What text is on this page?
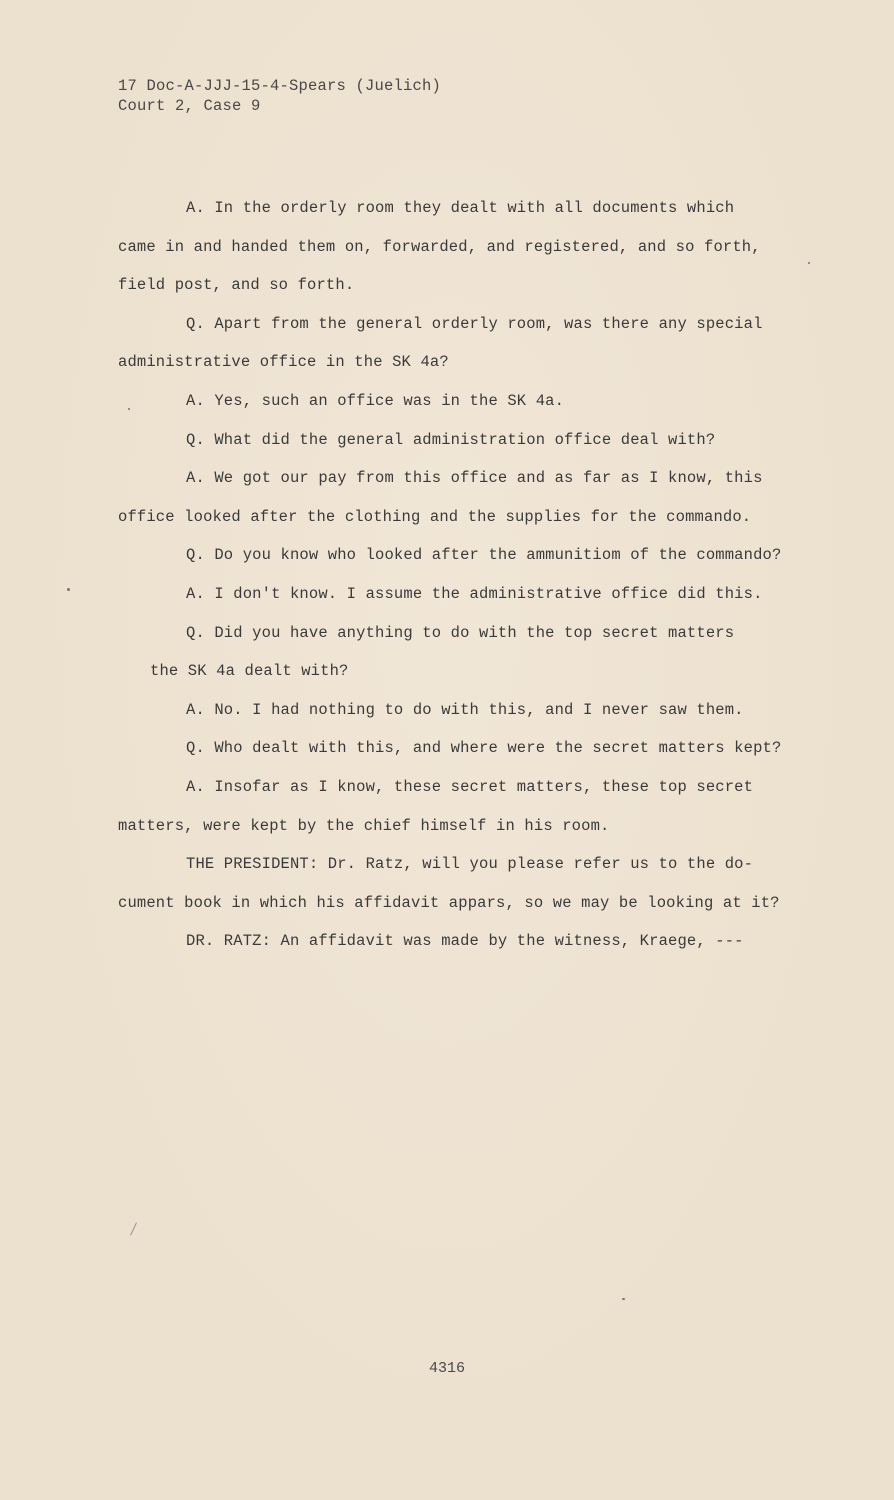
17 Doc-A-JJJ-15-4-Spears (Juelich)
Court 2, Case 9
A. In the orderly room they dealt with all documents which
came in and handed them on, forwarded, and registered, and so forth,
field post, and so forth.
Q. Apart from the general orderly room, was there any special
administrative office in the SK 4a?
A. Yes, such an office was in the SK 4a.
Q. What did the general administration office deal with?
A. We got our pay from this office and as far as I know, this
office looked after the clothing and the supplies for the commando.
Q. Do you know who looked after the ammunitiom of the commando?
A. I don't know. I assume the administrative office did this.
Q. Did you have anything to do with the top secret matters
the SK 4a dealt with?
A. No. I had nothing to do with this, and I never saw them.
Q. Who dealt with this, and where were the secret matters kept?
A. Insofar as I know, these secret matters, these top secret
matters, were kept by the chief himself in his room.
THE PRESIDENT: Dr. Ratz, will you please refer us to the do-
cument book in which his affidavit appars, so we may be looking at it?
DR. RATZ: An affidavit was made by the witness, Kraege, ---
4316
